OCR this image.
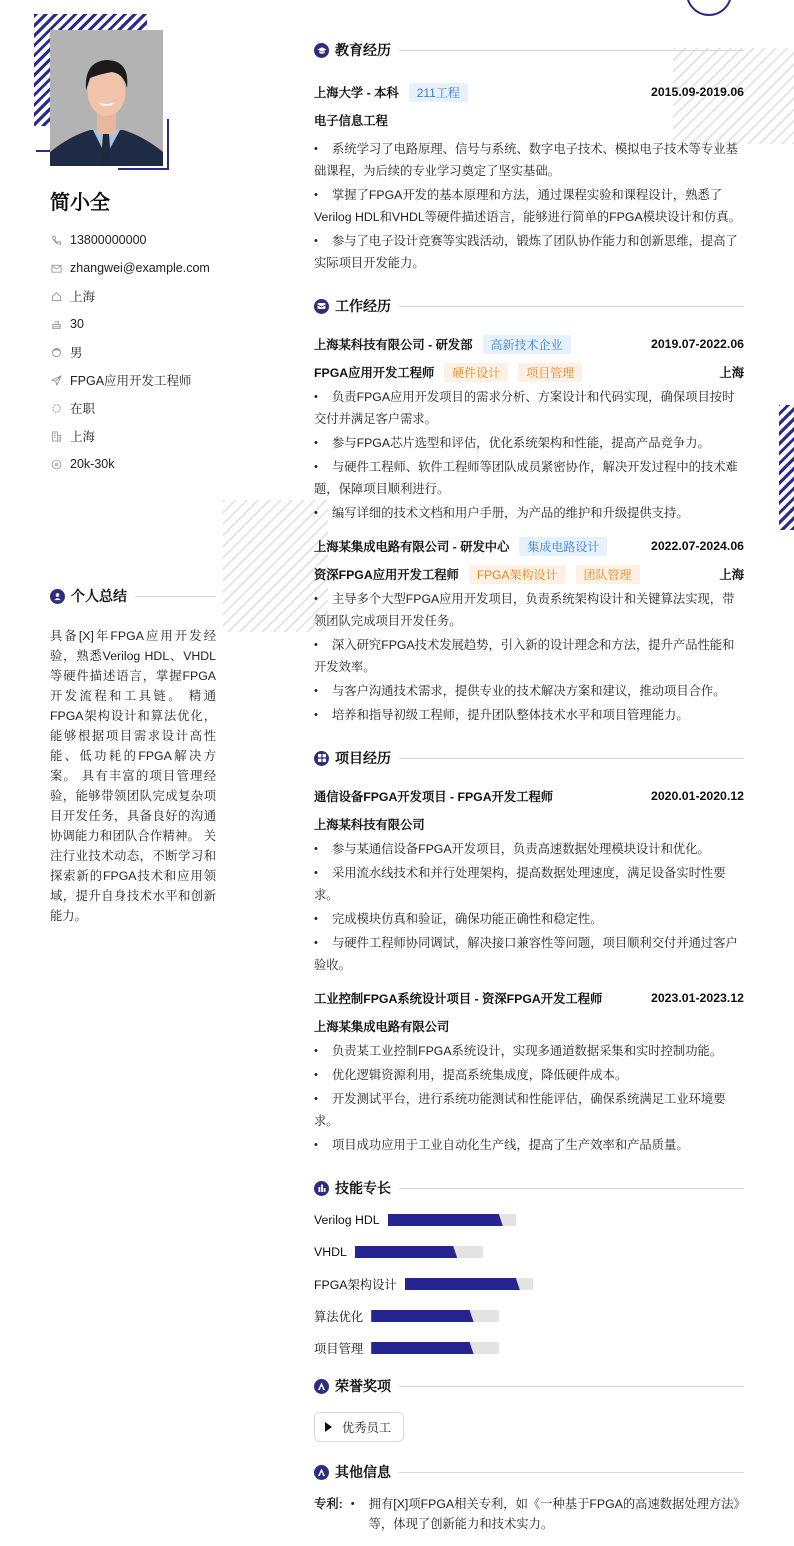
简小全
13800000000
zhangwei@example.com
上海
30
男
FPGA应用开发工程师
在职
上海
20k-30k
个人总结
具备[X]年FPGA应用开发经验，熟悉Verilog HDL、VHDL等硬件描述语言，掌握FPGA开发流程和工具链。 精通FPGA架构设计和算法优化，能够根据项目需求设计高性能、低功耗的FPGA解决方案。 具有丰富的项目管理经验，能够带领团队完成复杂项目开发任务，具备良好的沟通协调能力和团队合作精神。 关注行业技术动态，不断学习和探索新的FPGA技术和应用领域，提升自身技术水平和创新能力。
教育经历
上海大学 - 本科	211工程	2015.09-2019.06
电子信息工程
• 系统学习了电路原理、信号与系统、数字电子技术、模拟电子技术等专业基础课程，为后续的专业学习奠定了坚实基础。
• 掌握了FPGA开发的基本原理和方法，通过课程实验和课程设计，熟悉了Verilog HDL和VHDL等硬件描述语言，能够进行简单的FPGA模块设计和仿真。
• 参与了电子设计竞赛等实践活动，锻炼了团队协作能力和创新思维，提高了实际项目开发能力。
工作经历
上海某科技有限公司 - 研发部	高新技术企业	2019.07-2022.06
FPGA应用开发工程师	硬件设计	项目管理	上海
• 负责FPGA应用开发项目的需求分析、方案设计和代码实现，确保项目按时交付并满足客户需求。
• 参与FPGA芯片选型和评估，优化系统架构和性能，提高产品竞争力。
• 与硬件工程师、软件工程师等团队成员紧密协作，解决开发过程中的技术难题，保障项目顺利进行。
• 编写详细的技术文档和用户手册，为产品的维护和升级提供支持。
上海某集成电路有限公司 - 研发中心	集成电路设计	2022.07-2024.06
资深FPGA应用开发工程师	FPGA架构设计	团队管理	上海
• 主导多个大型FPGA应用开发项目，负责系统架构设计和关键算法实现，带领团队完成项目开发任务。
• 深入研究FPGA技术发展趋势，引入新的设计理念和方法，提升产品性能和开发效率。
• 与客户沟通技术需求，提供专业的技术解决方案和建议，推动项目合作。
• 培养和指导初级工程师，提升团队整体技术水平和项目管理能力。
项目经历
通信设备FPGA开发项目 - FPGA开发工程师	2020.01-2020.12
上海某科技有限公司
• 参与某通信设备FPGA开发项目，负责高速数据处理模块设计和优化。
• 采用流水线技术和并行处理架构，提高数据处理速度，满足设备实时性要求。
• 完成模块仿真和验证，确保功能正确性和稳定性。
• 与硬件工程师协同调试，解决接口兼容性等问题，项目顺利交付并通过客户验收。
工业控制FPGA系统设计项目 - 资深FPGA开发工程师	2023.01-2023.12
上海某集成电路有限公司
• 负责某工业控制FPGA系统设计，实现多通道数据采集和实时控制功能。
• 优化逻辑资源利用，提高系统集成度，降低硬件成本。
• 开发测试平台，进行系统功能测试和性能评估，确保系统满足工业环境要求。
• 项目成功应用于工业自动化生产线，提高了生产效率和产品质量。
技能专长
Verilog HDL
VHDL
FPGA架构设计
算法优化
项目管理
荣誉奖项
优秀员工
其他信息
专利:	• 拥有[X]项FPGA相关专利，如《一种基于FPGA的高速数据处理方法》等，体现了创新能力和技术实力。
